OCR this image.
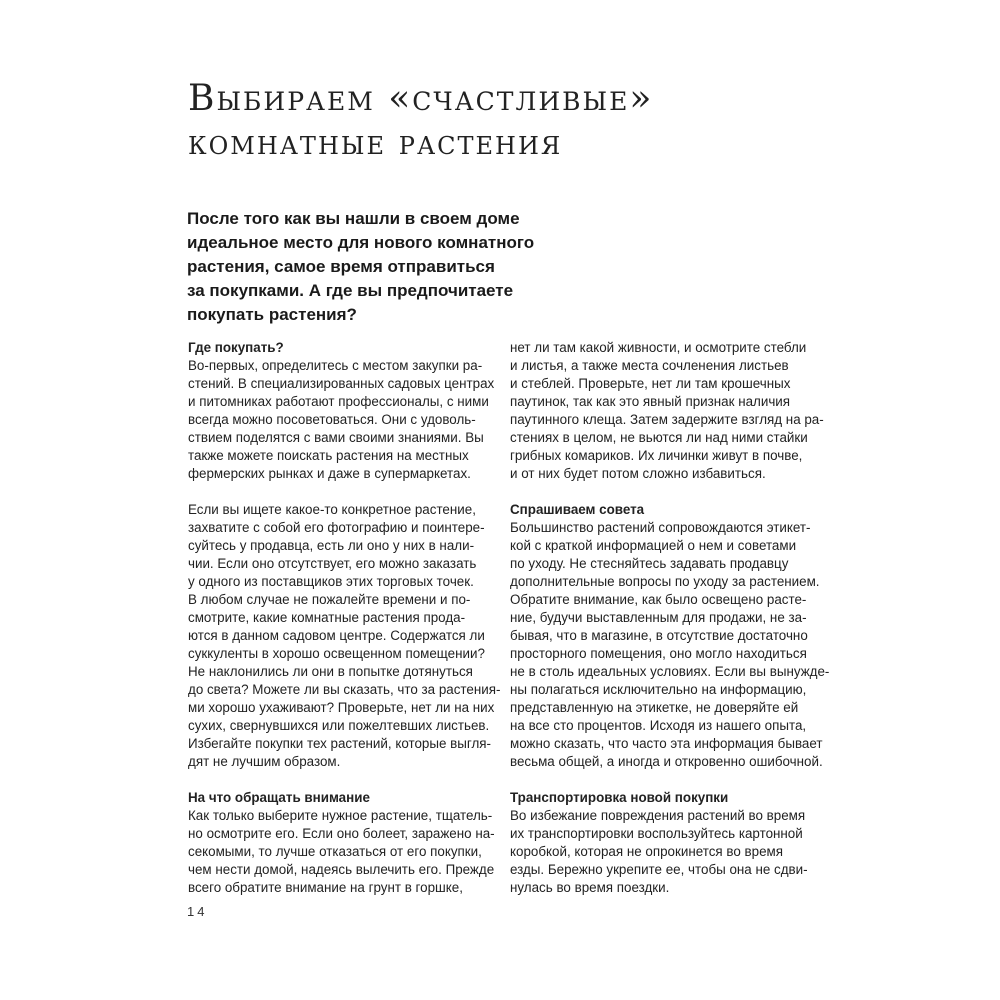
Выбираем «счастливые»
комнатные растения

После того как вы нашли в своем доме
идеальное место для нового комнатного
растения, самое время отправиться
за покупками. А где вы предпочитаете
покупать растения?

Где покупать?
Во-первых, определитесь с местом закупки ра-
стений. В специализированных садовых центрах
и питомниках работают профессионалы, с ними
всегда можно посоветоваться. Они с удоволь-
ствием поделятся с вами своими знаниями. Вы
также можете поискать растения на местных
фермерских рынках и даже в супермаркетах.
Если вы ищете какое-то конкретное растение,
захватите с собой его фотографию и поинтере-
суйтесь у продавца, есть ли оно у них в нали-
чии. Если оно отсутствует, его можно заказать
у одного из поставщиков этих торговых точек.
В любом случае не пожалейте времени и по-
смотрите, какие комнатные растения прода-
ются в данном садовом центре. Содержатся ли
суккуленты в хорошо освещенном помещении?
Не наклонились ли они в попытке дотянуться
до света? Можете ли вы сказать, что за растения-
ми хорошо ухаживают? Проверьте, нет ли на них
сухих, свернувшихся или пожелтевших листьев.
Избегайте покупки тех растений, которые выгля-
дят не лучшим образом.
На что обращать внимание
Как только выберите нужное растение, тщатель-
но осмотрите его. Если оно болеет, заражено на-
секомыми, то лучше отказаться от его покупки,
чем нести домой, надеясь вылечить его. Прежде
всего обратите внимание на грунт в горшке,
нет ли там какой живности, и осмотрите стебли
и листья, а также места сочленения листьев
и стеблей. Проверьте, нет ли там крошечных
паутинок, так как это явный признак наличия
паутинного клеща. Затем задержите взгляд на ра-
стениях в целом, не вьются ли над ними стайки
грибных комариков. Их личинки живут в почве,
и от них будет потом сложно избавиться.
Спрашиваем совета
Большинство растений сопровождаются этикет-
кой с краткой информацией о нем и советами
по уходу. Не стесняйтесь задавать продавцу
дополнительные вопросы по уходу за растением.
Обратите внимание, как было освещено расте-
ние, будучи выставленным для продажи, не за-
бывая, что в магазине, в отсутствие достаточно
просторного помещения, оно могло находиться
не в столь идеальных условиях. Если вы вынужде-
ны полагаться исключительно на информацию,
представленную на этикетке, не доверяйте ей
на все сто процентов. Исходя из нашего опыта,
можно сказать, что часто эта информация бывает
весьма общей, а иногда и откровенно ошибочной.
Транспортировка новой покупки
Во избежание повреждения растений во время
их транспортировки воспользуйтесь картонной
коробкой, которая не опрокинется во время
езды. Бережно укрепите ее, чтобы она не сдви-
нулась во время поездки.
14
